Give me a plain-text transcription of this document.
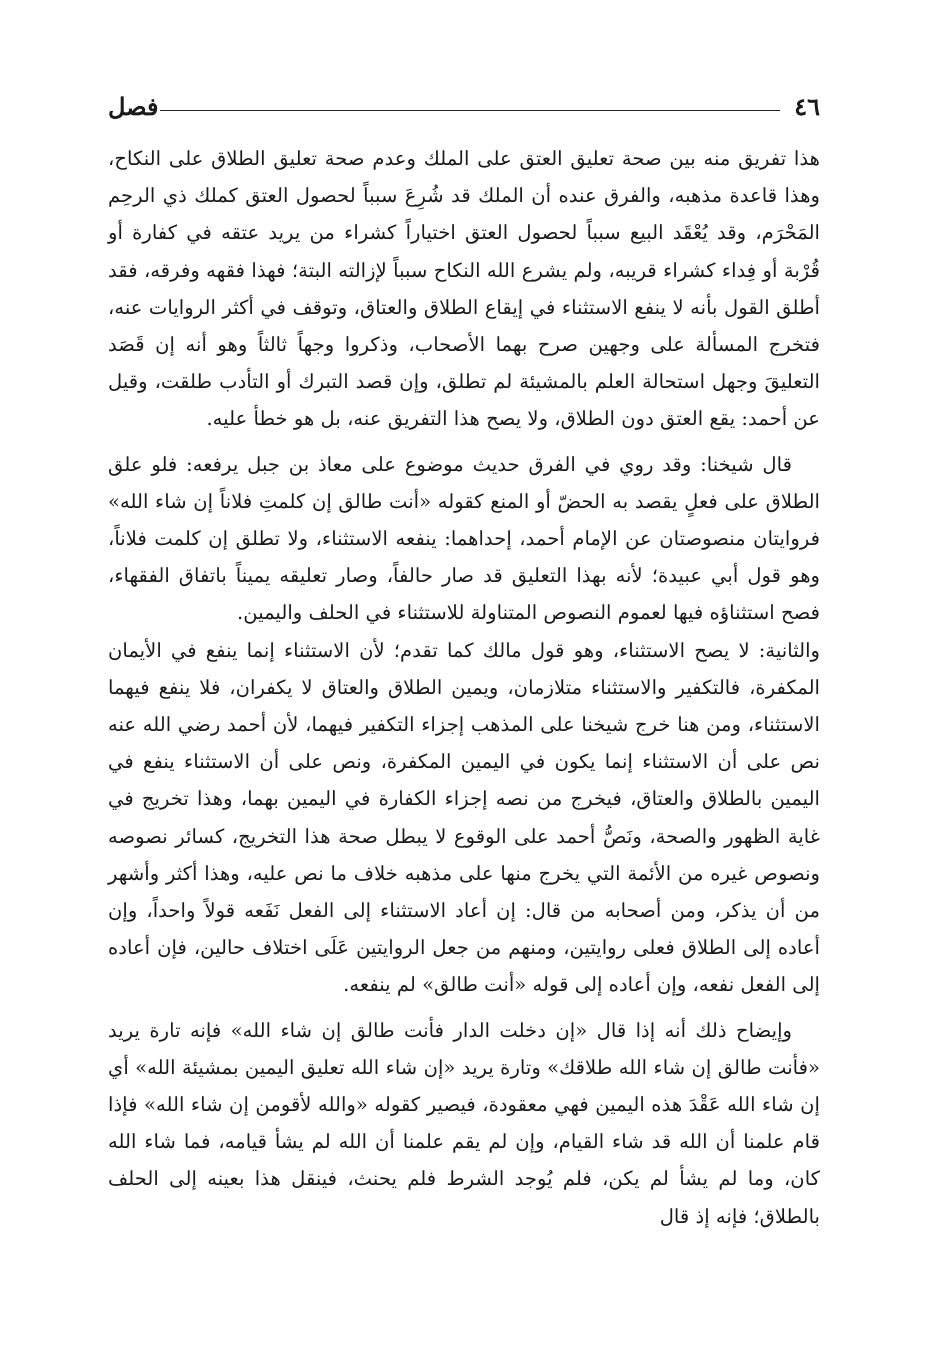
٤٦
فصل

هذا تفريق منه بين صحة تعليق العتق على الملك وعدم صحة تعليق الطلاق على النكاح، وهذا قاعدة مذهبه، والفرق عنده أن الملك قد شُرِعَ سبباً لحصول العتق كملك ذي الرحِم المَحْرَم، وقد يُعْقَد البيع سبباً لحصول العتق اختياراً كشراء من يريد عتقه في كفارة أو قُرْبة أو فِداء كشراء قريبه، ولم يشرع الله النكاح سبباً لإزالته البتة؛ فهذا فقهه وفرقه، فقد أطلق القول بأنه لا ينفع الاستثناء في إيقاع الطلاق والعتاق، وتوقف في أكثر الروايات عنه، فتخرج المسألة على وجهين صرح بهما الأصحاب، وذكروا وجهاً ثالثاً وهو أنه إن قَصَد التعليقَ وجهل استحالة العلم بالمشيئة لم تطلق، وإن قصد التبرك أو التأدب طلقت، وقيل عن أحمد: يقع العتق دون الطلاق، ولا يصح هذا التفريق عنه، بل هو خطأ عليه.

قال شيخنا: وقد روي في الفرق حديث موضوع على معاذ بن جبل يرفعه: فلو علق الطلاق على فعلٍ يقصد به الحضّ أو المنع كقوله «أنت طالق إن كلمتِ فلاناً إن شاء الله» فروايتان منصوصتان عن الإمام أحمد، إحداهما: ينفعه الاستثناء، ولا تطلق إن كلمت فلاناً، وهو قول أبي عبيدة؛ لأنه بهذا التعليق قد صار حالفاً، وصار تعليقه يميناً باتفاق الفقهاء، فصح استثناؤه فيها لعموم النصوص المتناولة للاستثناء في الحلف واليمين.

والثانية: لا يصح الاستثناء، وهو قول مالك كما تقدم؛ لأن الاستثناء إنما ينفع في الأيمان المكفرة، فالتكفير والاستثناء متلازمان، ويمين الطلاق والعتاق لا يكفران، فلا ينفع فيهما الاستثناء، ومن هنا خرج شيخنا على المذهب إجزاء التكفير فيهما، لأن أحمد رضي الله عنه نص على أن الاستثناء إنما يكون في اليمين المكفرة، ونص على أن الاستثناء ينفع في اليمين بالطلاق والعتاق، فيخرج من نصه إجزاء الكفارة في اليمين بهما، وهذا تخريج في غاية الظهور والصحة، ونَصُّ أحمد على الوقوع لا يبطل صحة هذا التخريج، كسائر نصوصه ونصوص غيره من الأئمة التي يخرج منها على مذهبه خلاف ما نص عليه، وهذا أكثر وأشهر من أن يذكر، ومن أصحابه من قال: إن أعاد الاستثناء إلى الفعل نَفَعه قولاً واحداً، وإن أعاده إلى الطلاق فعلى روايتين، ومنهم من جعل الروايتين عَلَى اختلاف حالين، فإن أعاده إلى الفعل نفعه، وإن أعاده إلى قوله «أنت طالق» لم ينفعه.

وإيضاح ذلك أنه إذا قال «إن دخلت الدار فأنت طالق إن شاء الله» فإنه تارة يريد «فأنت طالق إن شاء الله طلاقك» وتارة يريد «إن شاء الله تعليق اليمين بمشيئة الله» أي إن شاء الله عَقْدَ هذه اليمين فهي معقودة، فيصير كقوله «والله لأقومن إن شاء الله» فإذا قام علمنا أن الله قد شاء القيام، وإن لم يقم علمنا أن الله لم يشأ قيامه، فما شاء الله كان، وما لم يشأ لم يكن، فلم يُوجد الشرط فلم يحنث، فينقل هذا بعينه إلى الحلف بالطلاق؛ فإنه إذ قال
